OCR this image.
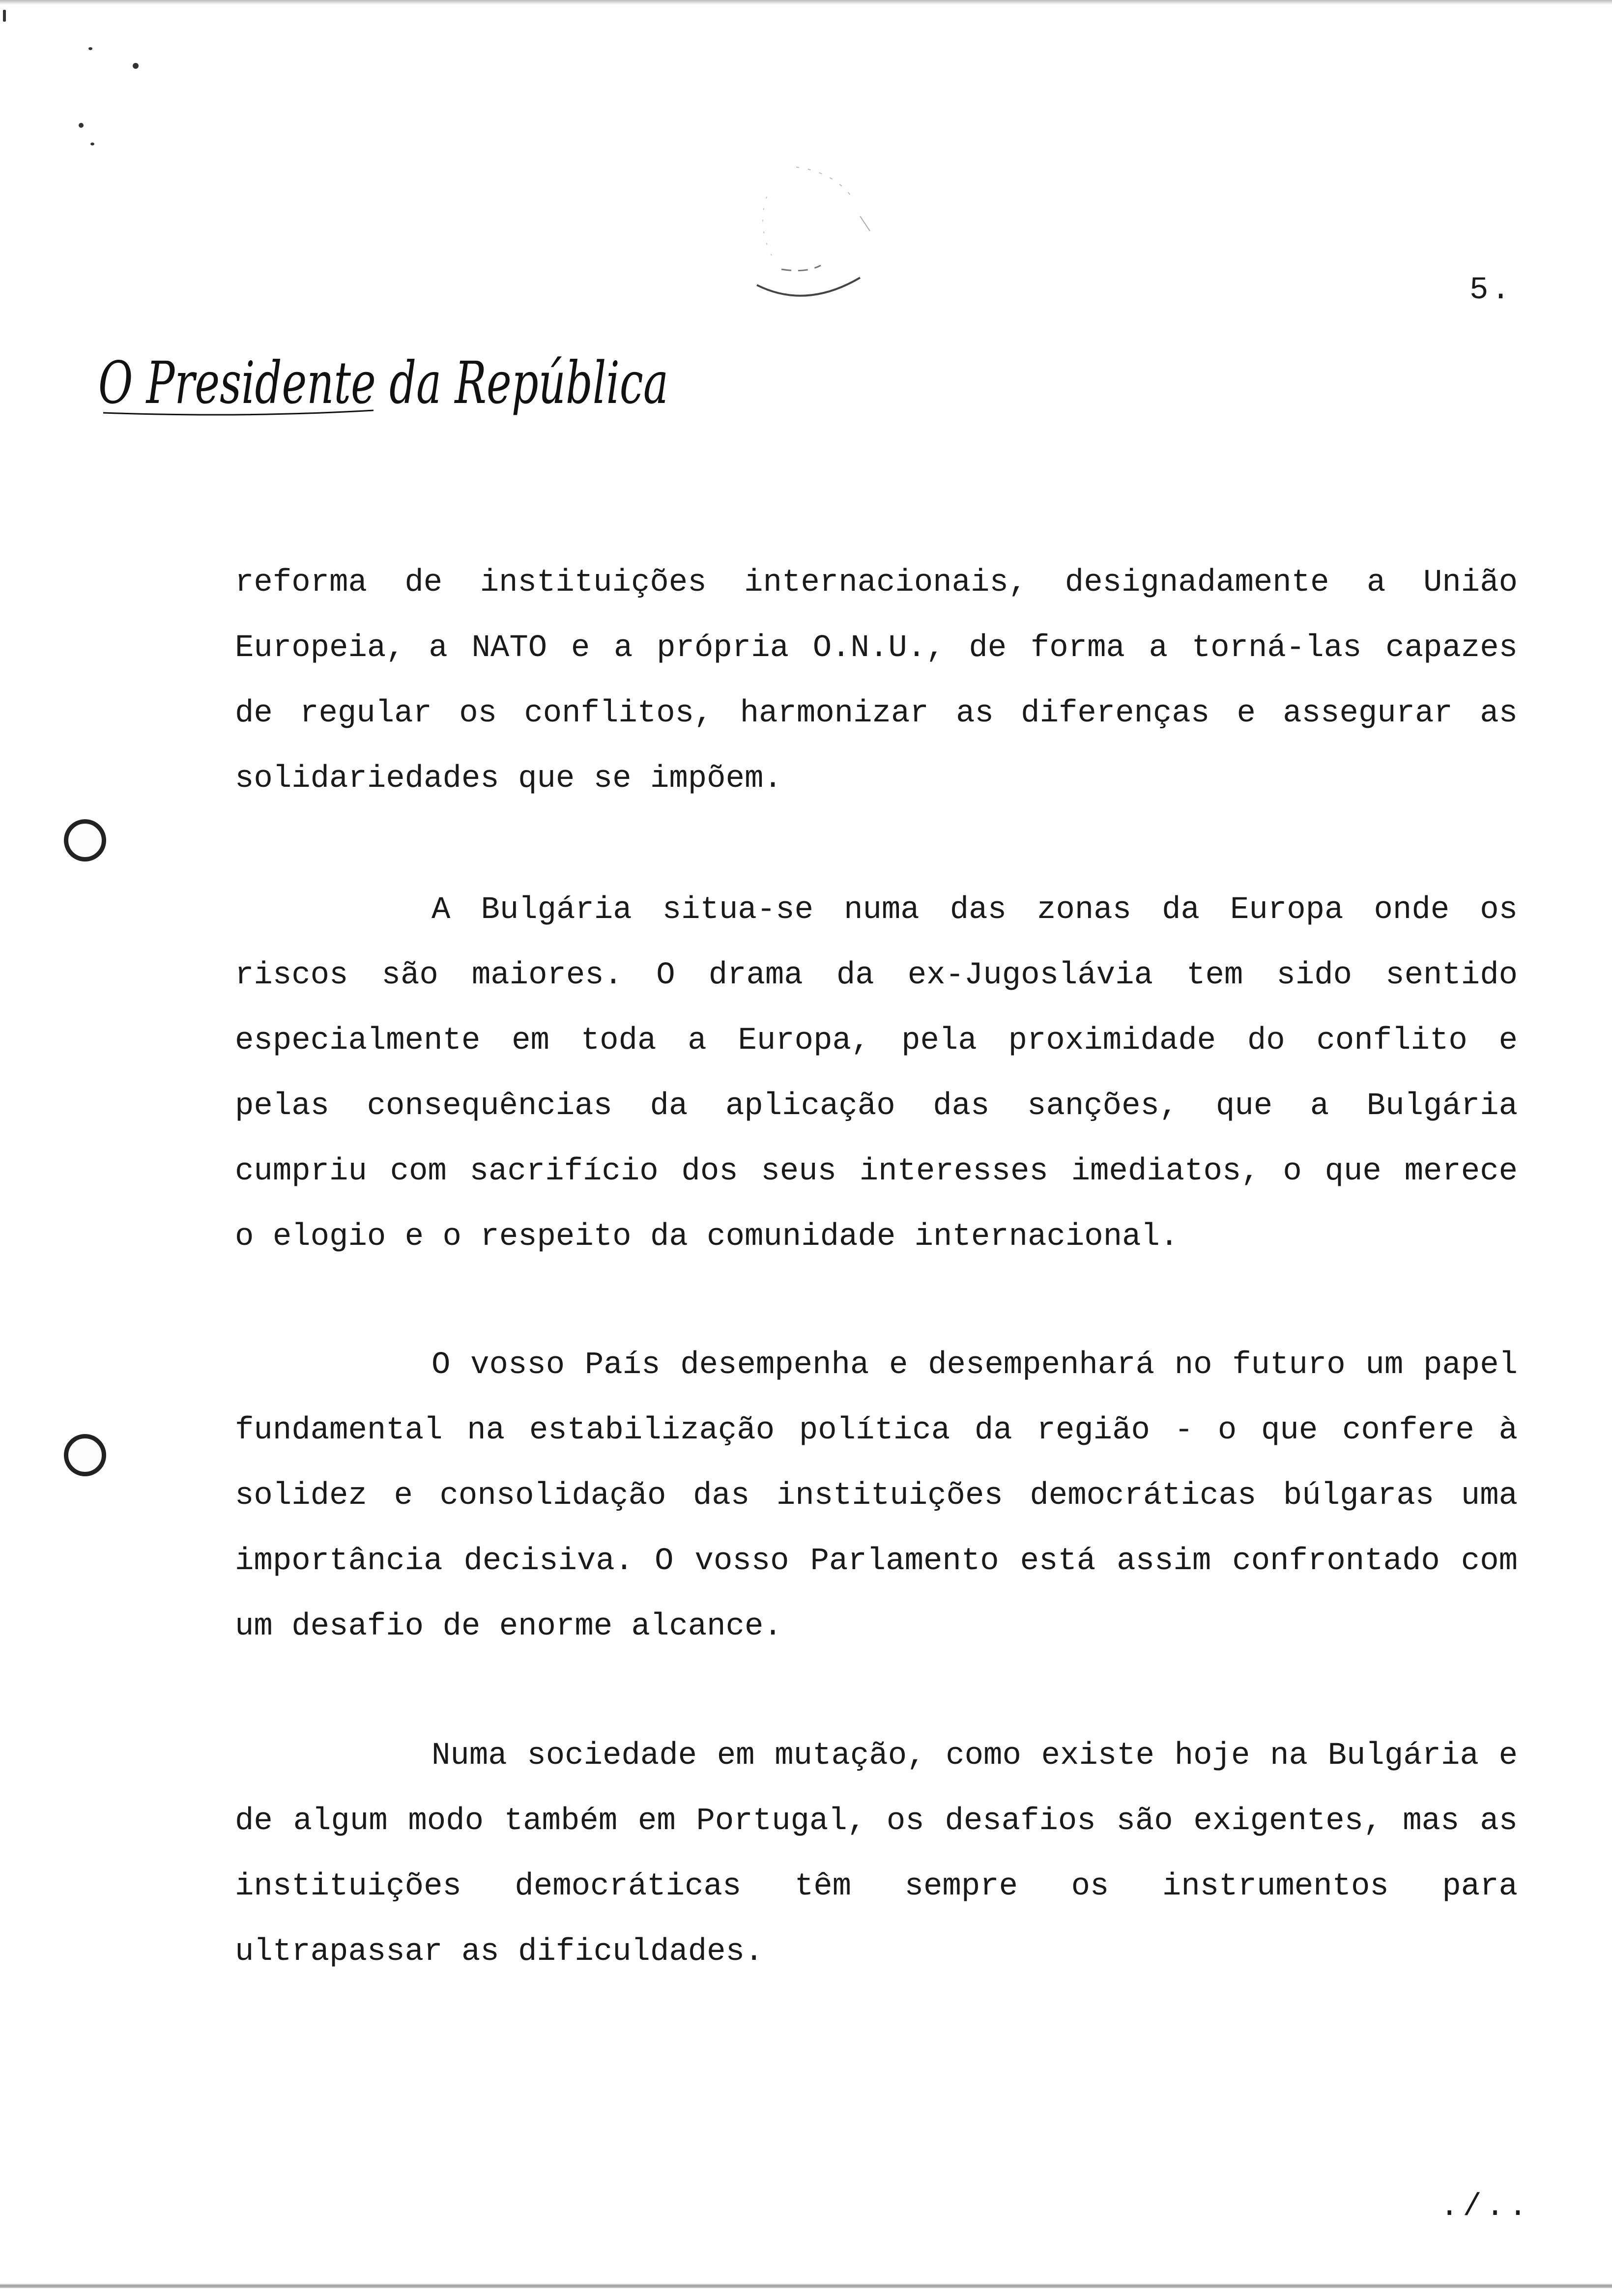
5.
O Presidente da República

reforma de instituições internacionais, designadamente a União Europeia, a NATO e a própria O.N.U., de forma a torná-las capazes de regular os conflitos, harmonizar as diferenças e assegurar as solidariedades que se impõem.

A Bulgária situa-se numa das zonas da Europa onde os riscos são maiores. O drama da ex-Jugoslávia tem sido sentido especialmente em toda a Europa, pela proximidade do conflito e pelas consequências da aplicação das sanções, que a Bulgária cumpriu com sacrifício dos seus interesses imediatos, o que merece o elogio e o respeito da comunidade internacional.

O vosso País desempenha e desempenhará no futuro um papel fundamental na estabilização política da região - o que confere à solidez e consolidação das instituições democráticas búlgaras uma importância decisiva. O vosso Parlamento está assim confrontado com um desafio de enorme alcance.

Numa sociedade em mutação, como existe hoje na Bulgária e de algum modo também em Portugal, os desafios são exigentes, mas as instituições democráticas têm sempre os instrumentos para ultrapassar as dificuldades.

./..
